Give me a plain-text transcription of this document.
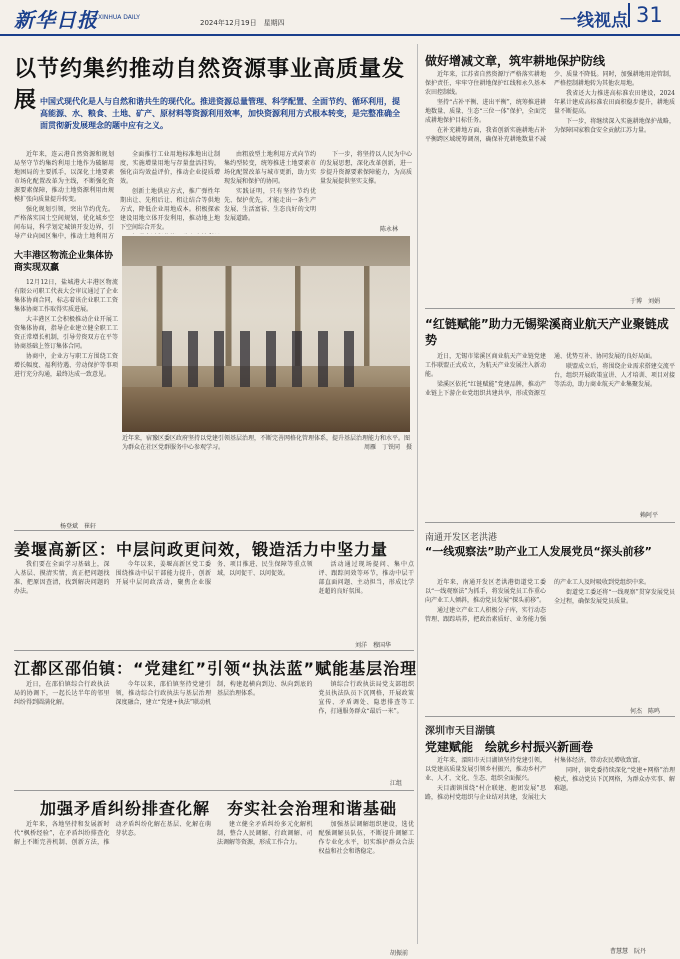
新华日报 XINHUA DAILY
2024年12月19日　星期四	一线视点 31
以节约集约推动自然资源事业高质量发展 中国式现代化是人与自然和谐共生的现代化。推进资源总量管理、科学配置、全面节约、循环利用，提高能源、水、粮食、土地、矿产、原材料等资源利用效率，加快资源利用方式根本转变，是完整准确全面贯彻新发展理念的题中应有之义。

近年来，连云港自然资源和规划局坚守节约集约利用土地作为破解用地困局的主要抓手，以深化土地要素市场化配置改革为主线，不断强化资源要素保障，推动土地资源利用由规模扩张向质量提升转变。

强化规划引领，突出节约优先。严格落实国土空间规划，优化城乡空间布局，科学划定城镇开发边界，引导产业向园区集中，推动土地利用方

全面推行工业用地标准地出让制度，实施增量用地与存量盘活挂钩，强化亩均效益评价，推动企业提质增效。

创新土地供应方式，推广弹性年期出让、先租后让、租让结合等供地方式，降低企业用地成本。积极探索建设用地立体开发利用，推动地上地下空间综合开发。

由粗放型土地利用方式向节约集约型转变，统筹推进土地要素市场化配置改革与城市更新，助力实现发展和保护的协同。

实践证明，只有坚持节约优先、保护优先，才能走出一条生产发展、生活富裕、生态良好的文明发展道路。

下一步，将坚持以人民为中心的发展思想，深化改革创新，进一步提升资源要素保障能力，为高质量发展提供坚实支撑。

陈永林
大丰港区物流企业集体协商实现双赢

12月12日，盐城港大丰港区物流有限公司职工代表大会审议通过了企业集体协商合同，标志着该企业职工工资集体协商工作取得实质进展。

大丰港区工会积极推动企业开展工资集体协商，指导企业建立健全职工工资正常增长机制，引导劳资双方在平等协商基础上签订集体合同。

协商中，企业方与职工方围绕工资增长幅度、福利待遇、劳动保护等事项进行充分沟通，最终达成一致意见。

杨登斌　崔轩
近年来，宿豫区委区政府坚持以党建引领基层治理，不断完善网格化管理体系，提升基层治理能力和水平。图为群众在社区党群服务中心参观学习。	周雁　丁铁同　摄
姜堰高新区：中层问政更问效，锻造活力中坚力量

我们要在全面学习基础上，深入基层、摸清实情，真正把问题找准、把原因查清，找到解决问题的办法。

今年以来，姜堰高新区党工委围绕推动中层干部能力提升，创新开展中层问政活动，聚焦企业服务、项目推进、民生保障等重点领域，以问促干、以问促效。

活动通过现场提问、集中点评、跟踪问效等环节，推动中层干部直面问题、主动担当，形成比学赶超的良好氛围。

刘洋　穆国华
江都区邵伯镇：“党建红”引领“执法蓝”赋能基层治理

近日，在邵伯镇综合行政执法局的协调下，一起长达半年的邻里纠纷得到圆满化解。

今年以来，邵伯镇坚持党建引领，推动综合行政执法与基层治理深度融合，建立“党建+执法”联动机制，构建起横向到边、纵向到底的基层治理体系。

镇综合行政执法局党支部组织党员执法队员下沉网格，开展政策宣传、矛盾调处、隐患排查等工作，打通服务群众“最后一米”。

江组
加强矛盾纠纷排查化解　夯实社会治理和谐基础

近年来，各地坚持和发展新时代“枫桥经验”，在矛盾纠纷排查化解上不断完善机制、创新方法，推动矛盾纠纷化解在基层、化解在萌芽状态。

建立健全矛盾纠纷多元化解机制，整合人民调解、行政调解、司法调解等资源，形成工作合力。

加强基层调解组织建设，选优配强调解员队伍，不断提升调解工作专业化水平，切实维护群众合法权益和社会和谐稳定。

胡振前
做好增减文章，筑牢耕地保护防线

近年来，江苏省自然资源厅严格落实耕地保护责任，牢牢守住耕地保护红线和永久基本农田控制线。

坚持“占补平衡、进出平衡”，统筹推进耕地数量、质量、生态“三位一体”保护，全面完成耕地保护目标任务。

在补充耕地方面，我省创新实施耕地占补平衡跨区域统筹调剂，确保补充耕地数量不减少、质量不降低。同时，加强耕地用途管制，严格控制耕地转为其他农用地。

我省还大力推进高标准农田建设，2024年累计建成高标准农田面积稳步提升，耕地质量不断提高。

下一步，将继续深入实施耕地保护战略，为保障国家粮食安全贡献江苏力量。

于博　刘娟
“红链赋能”助力无锡梁溪商业航天产业聚链成势

近日，无锡市梁溪区商业航天产业链党建工作联盟正式成立，为航天产业发展注入新动能。

梁溪区依托“红链赋能”党建品牌，推动产业链上下游企业党组织共建共享，形成资源互通、优势互补、协同发展的良好局面。

联盟成立后，将围绕企业需求搭建交流平台，组织开展政策宣讲、人才培训、项目对接等活动，助力商业航天产业集聚发展。

赖阿平
南通开发区老洪港
“一线观察法”助产业工人发展党员“探头前移”

近年来，南通开发区老洪港街道党工委以“一线观察法”为抓手，将发展党员工作重心向产业工人倾斜，推动党员发展“探头前移”。

通过建立产业工人积极分子库，实行动态管理、跟踪培养，把政治素质好、业务能力强的产业工人及时吸收到党组织中来。

街道党工委还将“一线观察”贯穿发展党员全过程，确保发展党员质量。

何杰　陈鸣
深圳市天目湖镇
党建赋能　绘就乡村振兴新画卷

近年来，溧阳市天目湖镇坚持党建引领，以党建高质量发展引领乡村振兴，推动乡村产业、人才、文化、生态、组织全面振兴。

天目湖镇围绕“村企联建、抱团发展”思路，推动村党组织与企业结对共建，发展壮大村集体经济，带动农民增收致富。

同时，镇党委持续深化“党建+网格”治理模式，推动党员下沉网格，为群众办实事、解难题。

曹慧慧　阮丹
